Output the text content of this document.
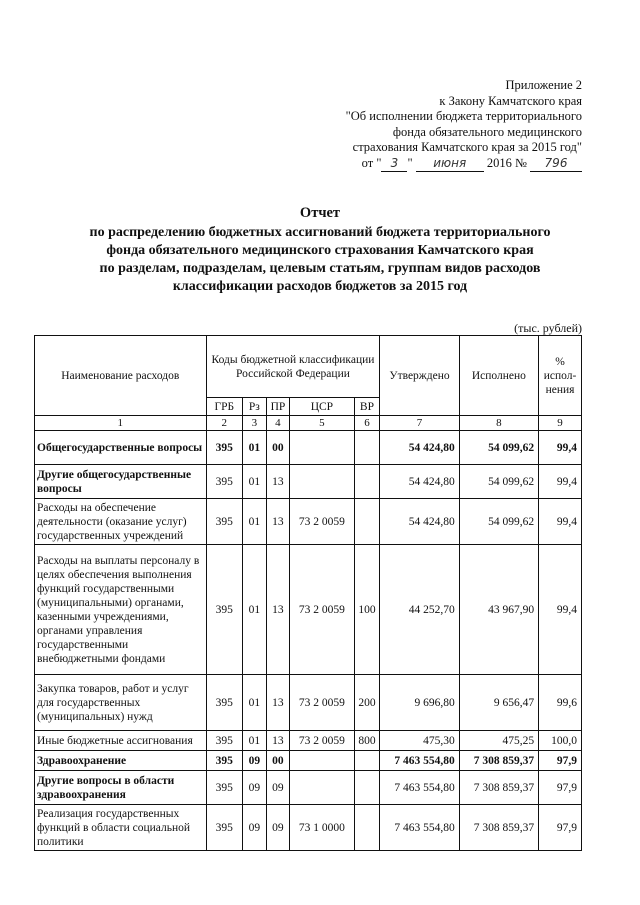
Приложение 2
к Закону Камчатского края
"Об исполнении бюджета территориального
фонда обязательного медицинского
страхования Камчатского края за 2015 год"
от " 3 " июня 2016 № 796
Отчет
по распределению бюджетных ассигнований бюджета территориального
фонда обязательного медицинского страхования Камчатского края
по разделам, подразделам, целевым статьям, группам видов расходов
классификации расходов бюджетов за 2015 год
(тыс. рублей)
Наименование расходов	Коды бюджетной классификации Российской Федерации					Утверждено	Исполнено	% испол-нения
	ГРБ	Рз	ПР	ЦСР	ВР			
1	2	3	4	5	6	7	8	9
Общегосударственные вопросы	395	01	00			54 424,80	54 099,62	99,4
Другие общегосударственные вопросы	395	01	13			54 424,80	54 099,62	99,4
Расходы на обеспечение деятельности (оказание услуг) государственных учреждений	395	01	13	73 2 0059		54 424,80	54 099,62	99,4
Расходы на выплаты персоналу в целях обеспечения выполнения функций государственными (муниципальными) органами, казенными учреждениями, органами управления государственными внебюджетными фондами	395	01	13	73 2 0059	100	44 252,70	43 967,90	99,4
Закупка товаров, работ и услуг для государственных (муниципальных) нужд	395	01	13	73 2 0059	200	9 696,80	9 656,47	99,6
Иные бюджетные ассигнования	395	01	13	73 2 0059	800	475,30	475,25	100,0
Здравоохранение	395	09	00			7 463 554,80	7 308 859,37	97,9
Другие вопросы в области здравоохранения	395	09	09			7 463 554,80	7 308 859,37	97,9
Реализация государственных функций в области социальной политики	395	09	09	73 1 0000		7 463 554,80	7 308 859,37	97,9
